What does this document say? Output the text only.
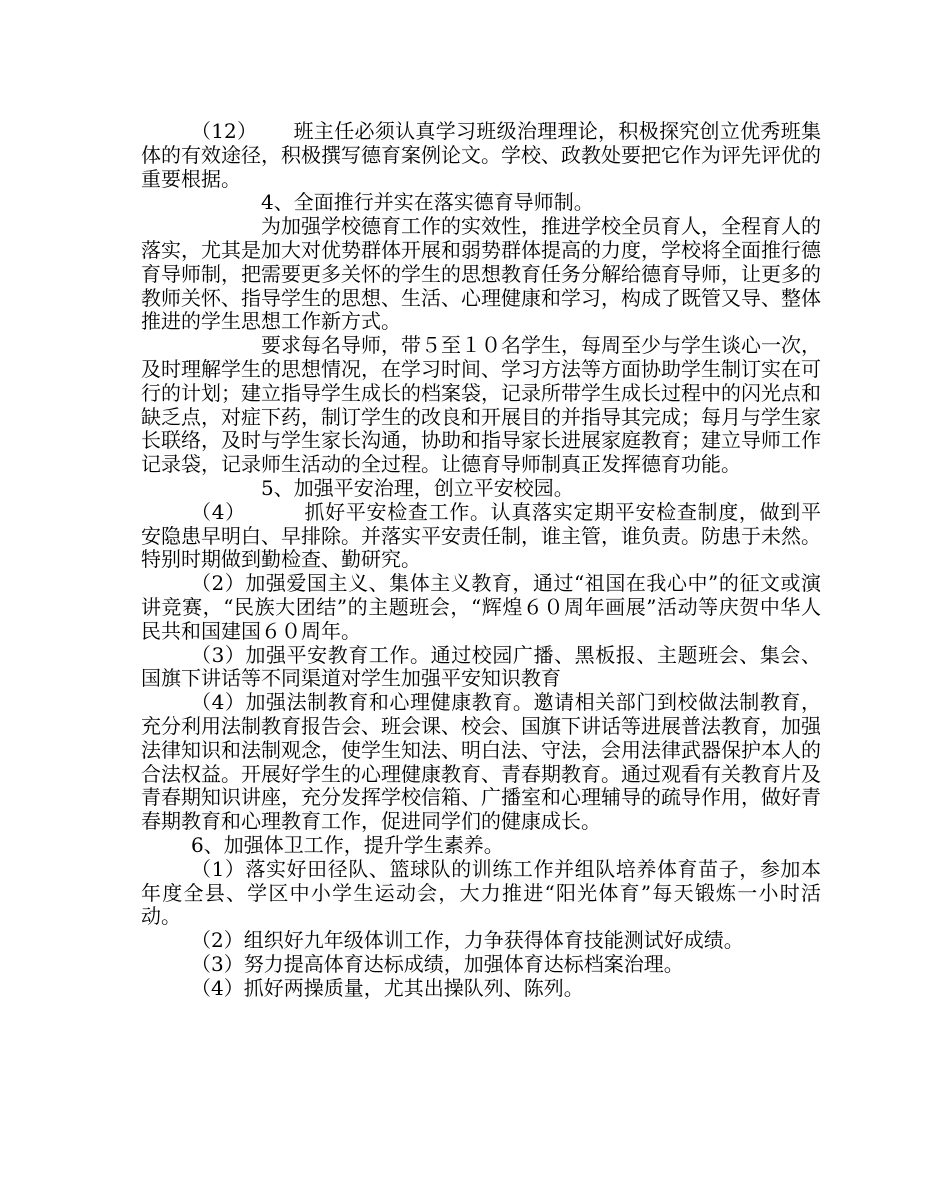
（12） 班主任必须认真学习班级治理理论，积极探究创立优秀班集体的有效途径，积极撰写德育案例论文。学校、政教处要把它作为评先评优的重要根据。

4、全面推行并实在落实德育导师制。

为加强学校德育工作的实效性，推进学校全员育人，全程育人的落实，尤其是加大对优势群体开展和弱势群体提高的力度，学校将全面推行德育导师制，把需要更多关怀的学生的思想教育任务分解给德育导师，让更多的教师关怀、指导学生的思想、生活、心理健康和学习，构成了既管又导、整体推进的学生思想工作新方式。

要求每名导师，带５至１０名学生，每周至少与学生谈心一次，及时理解学生的思想情况，在学习时间、学习方法等方面协助学生制订实在可行的计划；建立指导学生成长的档案袋，记录所带学生成长过程中的闪光点和缺乏点，对症下药，制订学生的改良和开展目的并指导其完成；每月与学生家长联络，及时与学生家长沟通，协助和指导家长进展家庭教育；建立导师工作记录袋，记录师生活动的全过程。让德育导师制真正发挥德育功能。

5、加强平安治理，创立平安校园。

（4）	抓好平安检查工作。认真落实定期平安检查制度，做到平安隐患早明白、早排除。并落实平安责任制，谁主管，谁负责。防患于未然。特别时期做到勤检查、勤研究。

（2）加强爱国主义、集体主义教育，通过“祖国在我心中”的征文或演讲竞赛，“民族大团结”的主题班会，“辉煌６０周年画展”活动等庆贺中华人民共和国建国６０周年。

（3）加强平安教育工作。通过校园广播、黑板报、主题班会、集会、国旗下讲话等不同渠道对学生加强平安知识教育

（4）加强法制教育和心理健康教育。邀请相关部门到校做法制教育，充分利用法制教育报告会、班会课、校会、国旗下讲话等进展普法教育，加强法律知识和法制观念，使学生知法、明白法、守法，会用法律武器保护本人的合法权益。开展好学生的心理健康教育、青春期教育。通过观看有关教育片及青春期知识讲座，充分发挥学校信箱、广播室和心理辅导的疏导作用，做好青春期教育和心理教育工作，促进同学们的健康成长。

6、加强体卫工作，提升学生素养。

（1）落实好田径队、篮球队的训练工作并组队培养体育苗子，参加本年度全县、学区中小学生运动会，大力推进“阳光体育”每天锻炼一小时活动。

（2）组织好九年级体训工作，力争获得体育技能测试好成绩。

（3）努力提高体育达标成绩，加强体育达标档案治理。

（4）抓好两操质量，尤其出操队列、陈列。
